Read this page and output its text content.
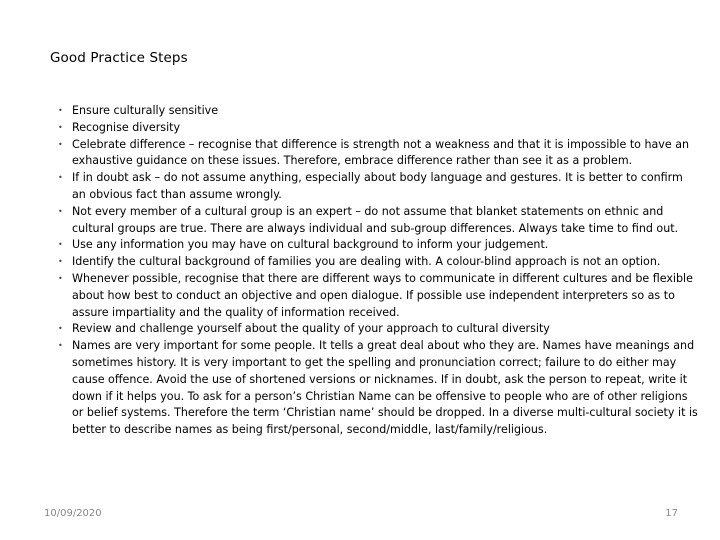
Good Practice Steps
• Ensure culturally sensitive
• Recognise diversity
• Celebrate difference – recognise that difference is strength not a weakness and that it is impossible to have an exhaustive guidance on these issues. Therefore, embrace difference rather than see it as a problem.
• If in doubt ask – do not assume anything, especially about body language and gestures. It is better to confirm an obvious fact than assume wrongly.
• Not every member of a cultural group is an expert – do not assume that blanket statements on ethnic and cultural groups are true. There are always individual and sub-group differences. Always take time to find out.
• Use any information you may have on cultural background to inform your judgement.
• Identify the cultural background of families you are dealing with. A colour-blind approach is not an option.
• Whenever possible, recognise that there are different ways to communicate in different cultures and be flexible about how best to conduct an objective and open dialogue. If possible use independent interpreters so as to assure impartiality and the quality of information received.
• Review and challenge yourself about the quality of your approach to cultural diversity
• Names are very important for some people. It tells a great deal about who they are. Names have meanings and sometimes history. It is very important to get the spelling and pronunciation correct; failure to do either may cause offence. Avoid the use of shortened versions or nicknames. If in doubt, ask the person to repeat, write it down if it helps you. To ask for a person’s Christian Name can be offensive to people who are of other religions or belief systems. Therefore the term ‘Christian name’ should be dropped. In a diverse multi-cultural society it is better to describe names as being first/personal, second/middle, last/family/religious.
10/09/2020	17
